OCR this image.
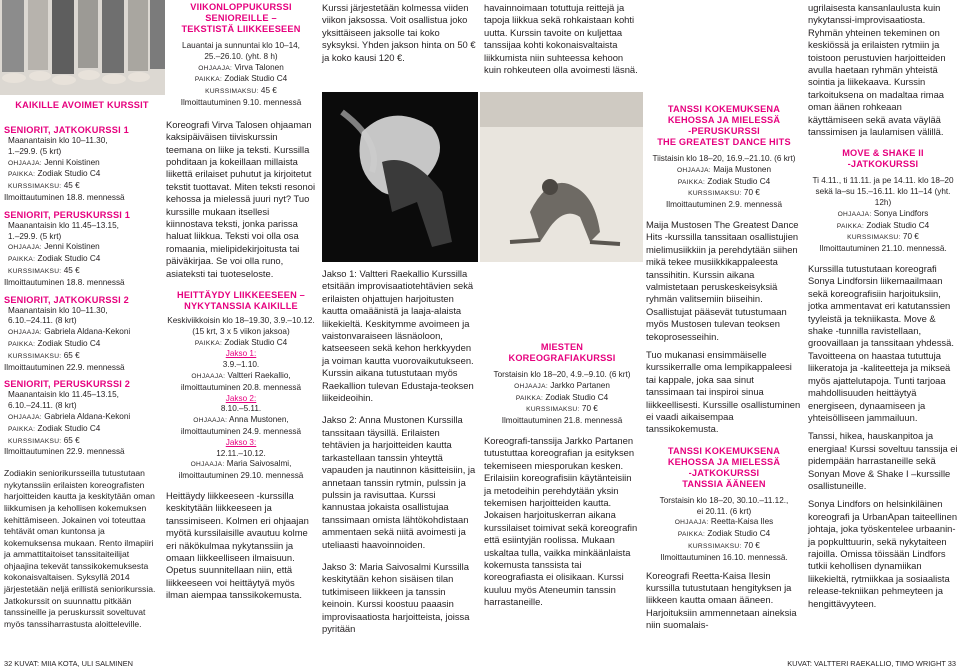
KAIKILLE AVOIMET KURSSIT
SENIORIT, JATKOKURSSI 1
Maanantaisin klo 10–11.30,
1.–29.9. (5 krt)
OHJAAJA: Jenni Koistinen
PAIKKA: Zodiak Studio C4
KURSSIMAKSU: 45 €
Ilmoittautuminen 18.8. mennessä
SENIORIT, PERUSKURSSI 1
Maanantaisin klo 11.45–13.15,
1.–29.9. (5 krt)
OHJAAJA: Jenni Koistinen
PAIKKA: Zodiak Studio C4
KURSSIMAKSU: 45 €
Ilmoittautuminen 18.8. mennessä
SENIORIT, JATKOKURSSI 2
Maanantaisin klo 10–11.30,
6.10.–24.11. (8 krt)
OHJAAJA: Gabriela Aldana-Kekoni
PAIKKA: Zodiak Studio C4
KURSSIMAKSU: 65 €
Ilmoittautuminen 22.9. mennessä
SENIORIT, PERUSKURSSI 2
Maanantaisin klo 11.45–13.15,
6.10.–24.11. (8 krt)
OHJAAJA: Gabriela Aldana-Kekoni
PAIKKA: Zodiak Studio C4
KURSSIMAKSU: 65 €
Ilmoittautuminen 22.9. mennessä

Zodiakin seniorikursseilla tutustutaan nykytanssiin erilaisten koreografisten harjoitteiden kautta ja keskitytään oman liikkumisen ja kehollisen kokemuksen kehittämiseen. Jokainen voi toteuttaa tehtävät oman kuntonsa ja kokemuksensa mukaan. Rento ilmapiiri ja ammattitaitoiset tanssitaiteilijat ohjaajina tekevät tanssikokemuksesta kokonaisvaltaisen. Syksyllä 2014 järjestetään neljä erillistä seniorikurssia. Jatkokurssit on suunnattu pitkään tanssineille ja peruskurssit soveltuvat myös tanssiharrastusta aloitteleville.

32 KUVAT: MIIA KOTA, ULI SALMINEN
VIIKONLOPPUKURSSI
SENIOREILLE –
TEKSTISTÄ LIIKKEESEEN
Lauantai ja sunnuntai klo 10–14,
25.–26.10. (yht. 8 h)
OHJAAJA: Virva Talonen
PAIKKA: Zodiak Studio C4
KURSSIMAKSU: 45 €
Ilmoittautuminen 9.10. mennessä

Koreografi Virva Talosen ohjaaman kaksipäiväisen tiiviskurssin teemana on liike ja teksti. Kurssilla pohditaan ja kokeillaan millaista liikettä erilaiset puhutut ja kirjoitetut tekstit tuottavat. Miten teksti resonoi kehossa ja mielessä juuri nyt? Tuo kurssille mukaan itsellesi kiinnostava teksti, jonka parissa haluat liikkua. Teksti voi olla osa romaania, mielipidekirjoitusta tai päiväkirjaa. Se voi olla runo, asiateksti tai tuoteseloste.

HEITTÄYDY LIIKKEESEEN –
NYKYTANSSIA KAIKILLE
Keskiviikkoisin klo 18–19.30, 3.9.–10.12.
(15 krt, 3 x 5 viikon jaksoa)
PAIKKA: Zodiak Studio C4
Jakso 1:
3.9.–1.10.
OHJAAJA: Valtteri Raekallio,
ilmoittautuminen 20.8. mennessä
Jakso 2:
8.10.–5.11.
OHJAAJA: Anna Mustonen,
ilmoittautuminen 24.9. mennessä
Jakso 3:
12.11.–10.12.
OHJAAJA: Maria Saivosalmi,
ilmoittautuminen 29.10. mennessä

Heittäydy liikkeeseen -kurssilla keskitytään liikkeeseen ja tanssimiseen. Kolmen eri ohjaajan myötä kurssilaisille avautuu kolme eri näkökulmaa nykytanssiin ja omaan liikkeelliseen ilmaisuun. Opetus suunnitellaan niin, että liikkeeseen voi heittäytyä myös ilman aiempaa tanssikokemusta.

Kurssi järjestetään kolmessa viiden viikon jaksossa. Voit osallistua joko yksittäiseen jaksolle tai koko syksyksi. Yhden jakson hinta on 50 € ja koko kausi 120 €.

Jakso 1: Valtteri Raekallio Kurssilla etsitään improvisaatiotehtävien sekä erilaisten ohjattujen harjoitusten kautta omaäänistä ja laaja-alaista liikekieltä. Keskitymme avoimeen ja vaistonvaraiseen läsnäoloon, katseeseen sekä kehon herkkyyden ja voiman kautta vuorovaikutukseen. Kurssin aikana tutustutaan myös Raekallion tulevan Edustaja-teoksen liikeideoihin.

Jakso 2: Anna Mustonen Kurssilla tanssitaan täysillä. Erilaisten tehtävien ja harjoitteiden kautta tarkastellaan tanssin yhteyttä vapauden ja nautinnon käsitteisiin, ja annetaan tanssin rytmin, pulssin ja pulssin ja ravisuttaa. Kurssi kannustaa jokaista osallistujaa tanssimaan omista lähtökohdistaan ammentaen sekä niitä avoimesti ja uteliaasti haavoinnoiden.

Jakso 3: Maria Saivosalmi Kurssilla keskitytään kehon sisäisen tilan tutkimiseen liikkeen ja tanssin keinoin. Kurssi koostuu paaasin improvisaatiosta harjoitteista, joissa pyritään

havainnoimaan totuttuja reittejä ja tapoja liikkua sekä rohkaistaan kohti uutta. Kurssin tavoite on kuljettaa tanssijaa kohti kokonaisvaltaista liikkumista niin suhteessa kehoon kuin rohkeuteen olla avoimesti läsnä.

MIESTEN
KOREOGRAFIAKURSSI
Torstaisin klo 18–20, 4.9.–9.10. (6 krt)
OHJAAJA: Jarkko Partanen
PAIKKA: Zodiak Studio C4
KURSSIMAKSU: 70 €
Ilmoittautuminen 21.8. mennessä

Koreografi-tanssija Jarkko Partanen tutustuttaa koreografian ja esityksen tekemiseen miesporukan kesken. Erilaisiin koreografisiin käytänteisiin ja metodeihin perehdytään yksin tekemisen harjoitteiden kautta. Jokaisen harjoituskerran aikana kurssilaiset toimivat sekä koreografin että esiintyjän roolissa. Mukaan uskaltaa tulla, vaikka minkäänlaista kokemusta tanssista tai koreografiasta ei olisikaan. Kurssi kuuluu myös Ateneumin tanssin harrastaneille.

TANSSI KOKEMUKSENA
KEHOSSA JA MIELESSÄ
-PERUSKURSSI
THE GREATEST DANCE HITS
Tiistaisin klo 18–20, 16.9.–21.10. (6 krt)
OHJAAJA: Maija Mustonen
PAIKKA: Zodiak Studio C4
KURSSIMAKSU: 70 €
Ilmoittautuminen 2.9. mennessä

Maija Mustosen The Greatest Dance Hits -kurssilla tanssitaan osallistujien mielimusiikkiin ja perehdytään siihen mikä tekee musiikkikappaleesta tanssihitin. Kurssin aikana valmistetaan peruskeskeisyksiä ryhmän valitsemiin biiseihin. Osallistujat pääsevät tutustumaan myös Mustosen tulevan teoksen tekoprosesseihin.

Tuo mukanasi ensimmäiselle kurssikerralle oma lempikappaleesi tai kappale, joka saa sinut tanssimaan tai inspiroi sinua liikkeellisesti. Kurssille osallistuminen ei vaadi aikaisempaa tanssikokemusta.

TANSSI KOKEMUKSENA
KEHOSSA JA MIELESSÄ
-JATKOKURSSI
TANSSIA ÄÄNEEN
Torstaisin klo 18–20, 30.10.–11.12.,
ei 20.11. (6 krt)
OHJAAJA: Reetta-Kaisa Iles
PAIKKA: Zodiak Studio C4
KURSSIMAKSU: 70 €
Ilmoittautuminen 16.10. mennessä.

Koreografi Reetta-Kaisa Ilesin kurssilla tutustutaan hengityksen ja liikkeen kautta omaan ääneen. Harjoituksiin ammennetaan aineksia niin suomalais-

ugrilaisesta kansanlaulusta kuin nykytanssi-improvisaatiosta. Ryhmän yhteinen tekeminen on keskiössä ja erilaisten rytmiin ja toistoon perustuvien harjoitteiden avulla haetaan ryhmän yhteistä sointia ja liikekaava. Kurssin tarkoituksena on madaltaa rimaa oman äänen rohkeaan käyttämiseen sekä avata väylää tanssimisen ja laulamisen välillä.

MOVE & SHAKE II
-JATKOKURSSI
Ti 4.11., ti 11.11. ja pe 14.11. klo 18–20
sekä la–su 15.–16.11. klo 11–14 (yht. 12h)
OHJAAJA: Sonya Lindfors
PAIKKA: Zodiak Studio C4
KURSSIMAKSU: 70 €
Ilmoittautuminen 21.10. mennessä.

Kurssilla tutustutaan koreografi Sonya Lindforsin liikemaailmaan sekä koreografisiin harjoituksiin, jotka ammentavat eri katutanssien tyyleistä ja tekniikasta. Move & shake -tunnilla ravistellaan, groovaillaan ja tanssitaan yhdessä. Tavoitteena on haastaa tututtuja liikeratoja ja -kaliteetteja ja mikseä myös ajattelutapoja. Tunti tarjoaa mahdollisuuden heittäytyä energiseen, dynaamiseen ja yhteisölliseen jammailuun.

Tanssi, hikea, hauskanpitoa ja energiaa! Kurssi soveltuu tanssija ei pidempään harrastaneille sekä Sonyan Move & Shake I –kurssille osallistuneille.

Sonya Lindfors on helsinkiläinen koreografi ja UrbanApan taiteellinen johtaja, joka työskentelee urbaanin- ja popkulttuurin, sekä nykytaiteen rajoilla. Omissa töissään Lindfors tutkii kehollisen dynamiikan liikekieltä, rytmiikkaa ja sosiaalista release-tekniikan pehmeyteen ja hengittävyyteen.

KUVAT: VALTTERI RAEKALLIO, TIMO WRIGHT 33
